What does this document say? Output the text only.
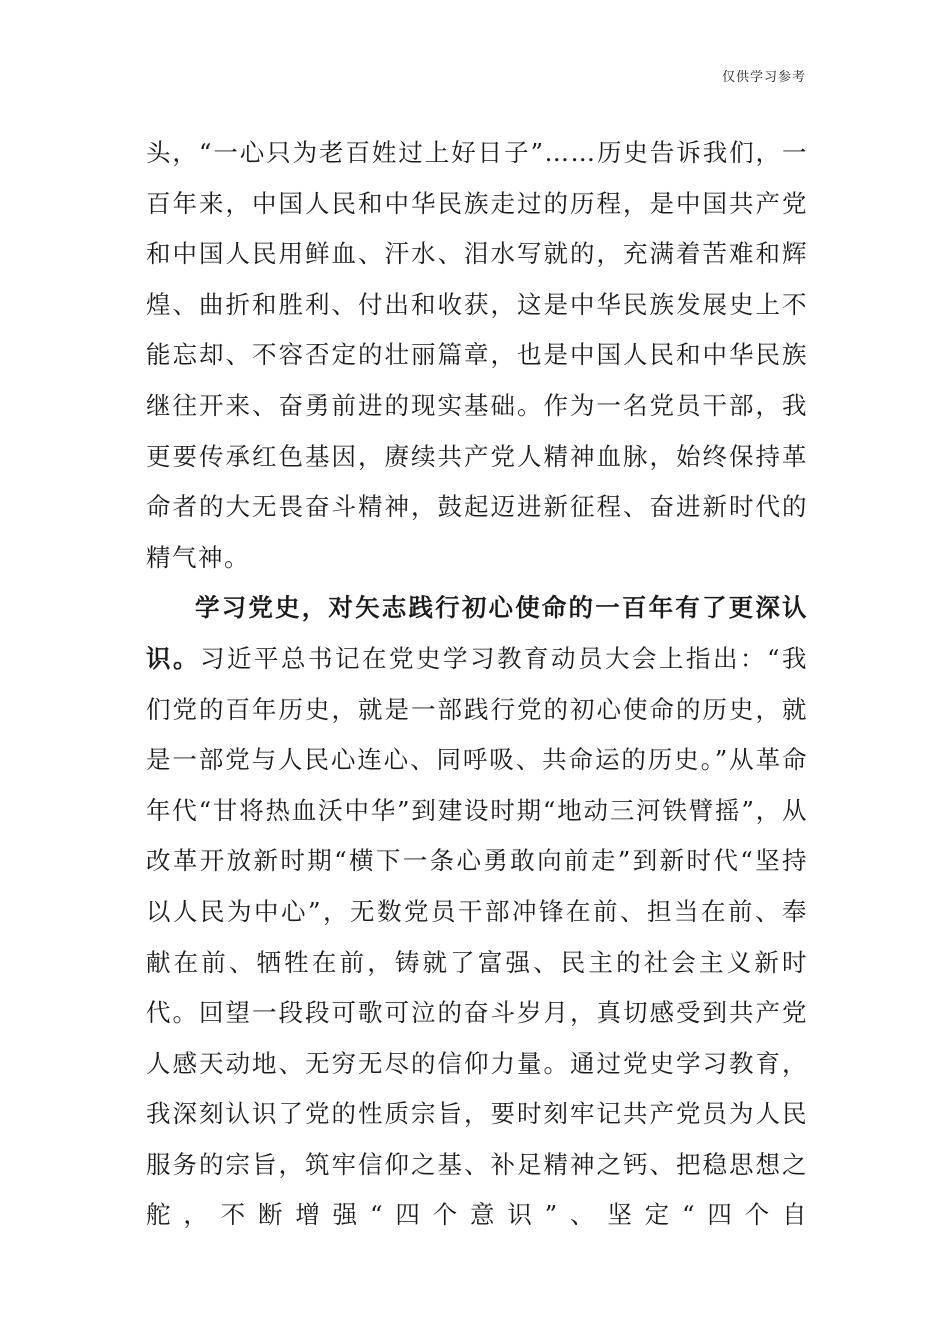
仅供学习参考

头，“一心只为老百姓过上好日子”……历史告诉我们，一百年来，中国人民和中华民族走过的历程，是中国共产党和中国人民用鲜血、汗水、泪水写就的，充满着苦难和辉煌、曲折和胜利、付出和收获，这是中华民族发展史上不能忘却、不容否定的壮丽篇章，也是中国人民和中华民族继往开来、奋勇前进的现实基础。作为一名党员干部，我更要传承红色基因，赓续共产党人精神血脉，始终保持革命者的大无畏奋斗精神，鼓起迈进新征程、奋进新时代的精气神。

学习党史，对矢志践行初心使命的一百年有了更深认识。习近平总书记在党史学习教育动员大会上指出：“我们党的百年历史，就是一部践行党的初心使命的历史，就是一部党与人民心连心、同呼吸、共命运的历史。”从革命年代“甘将热血沃中华”到建设时期“地动三河铁臂摇”，从改革开放新时期“横下一条心勇敢向前走”到新时代“坚持以人民为中心”，无数党员干部冲锋在前、担当在前、奉献在前、牺牲在前，铸就了富强、民主的社会主义新时代。回望一段段可歌可泣的奋斗岁月，真切感受到共产党人感天动地、无穷无尽的信仰力量。通过党史学习教育，我深刻认识了党的性质宗旨，要时刻牢记共产党员为人民服务的宗旨，筑牢信仰之基、补足精神之钙、把稳思想之舵，不断增强“四个意识”、坚定“四个自
